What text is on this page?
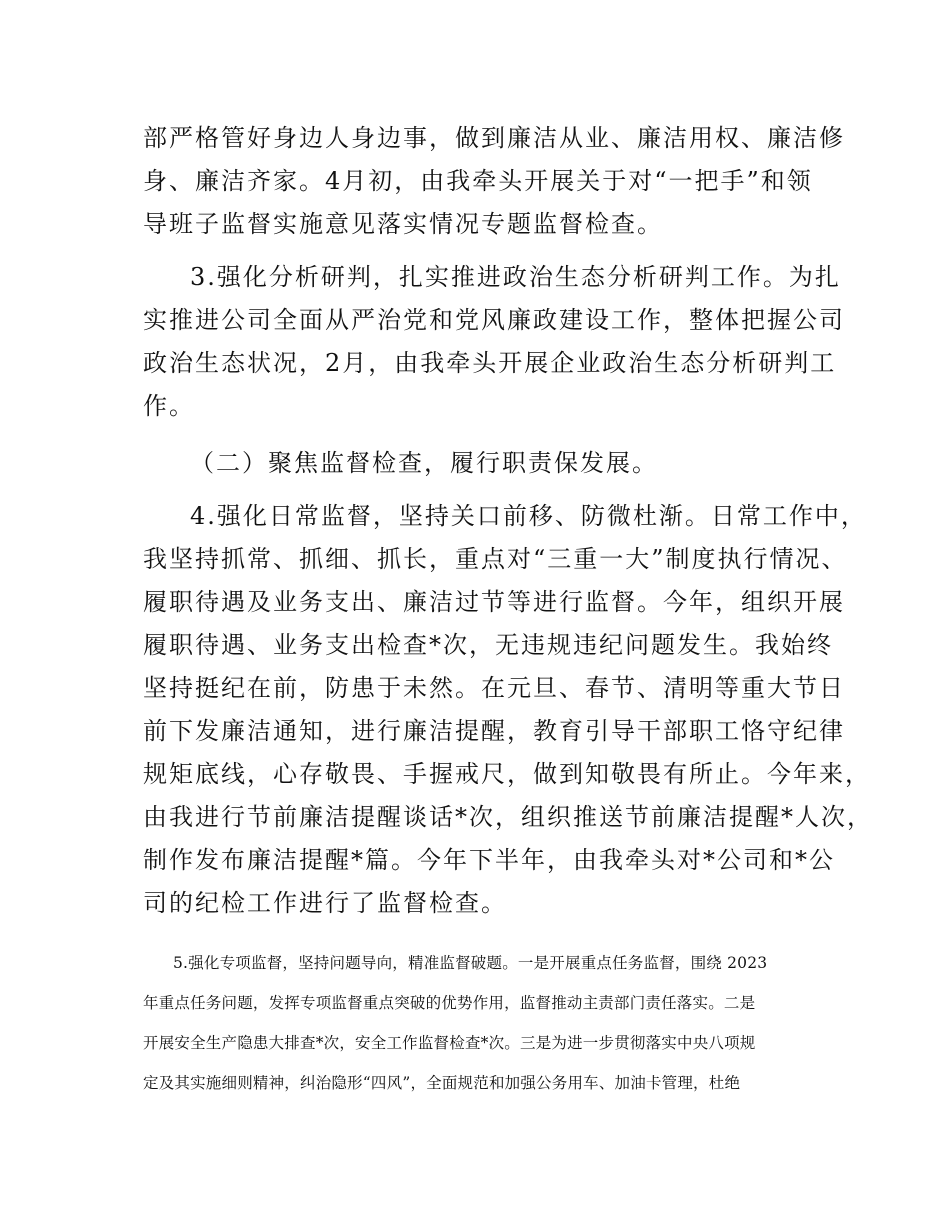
部严格管好身边人身边事，做到廉洁从业、廉洁用权、廉洁修
身、廉洁齐家。4月初，由我牵头开展关于对“一把手”和领
导班子监督实施意见落实情况专题监督检查。
3.强化分析研判，扎实推进政治生态分析研判工作。为扎
实推进公司全面从严治党和党风廉政建设工作，整体把握公司
政治生态状况，2月，由我牵头开展企业政治生态分析研判工
作。
（二）聚焦监督检查，履行职责保发展。
4.强化日常监督，坚持关口前移、防微杜渐。日常工作中，
我坚持抓常、抓细、抓长，重点对“三重一大”制度执行情况、
履职待遇及业务支出、廉洁过节等进行监督。今年，组织开展
履职待遇、业务支出检查*次，无违规违纪问题发生。我始终
坚持挺纪在前，防患于未然。在元旦、春节、清明等重大节日
前下发廉洁通知，进行廉洁提醒，教育引导干部职工恪守纪律
规矩底线，心存敬畏、手握戒尺，做到知敬畏有所止。今年来，
由我进行节前廉洁提醒谈话*次，组织推送节前廉洁提醒*人次，
制作发布廉洁提醒*篇。今年下半年，由我牵头对*公司和*公
司的纪检工作进行了监督检查。
5.强化专项监督，坚持问题导向，精准监督破题。一是开展重点任务监督，围绕 2023
年重点任务问题，发挥专项监督重点突破的优势作用，监督推动主责部门责任落实。二是
开展安全生产隐患大排查*次，安全工作监督检查*次。三是为进一步贯彻落实中央八项规
定及其实施细则精神，纠治隐形“四风”，全面规范和加强公务用车、加油卡管理，杜绝
